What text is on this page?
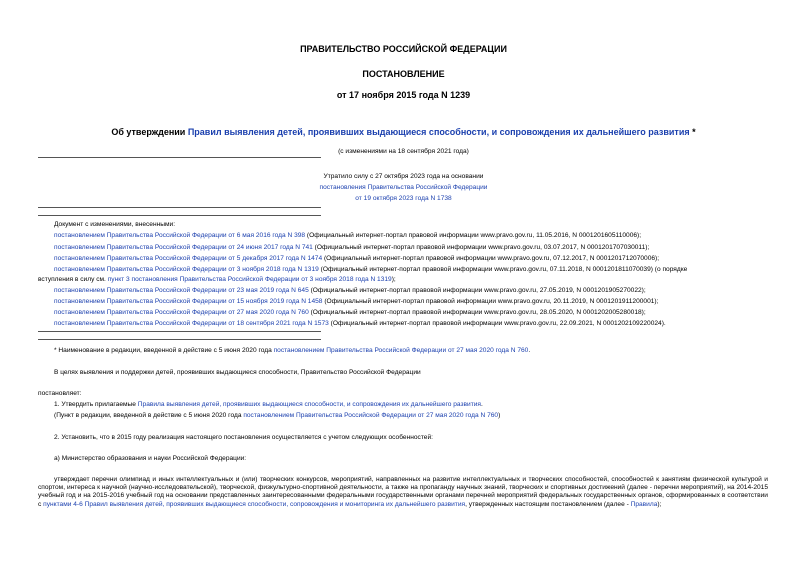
ПРАВИТЕЛЬСТВО РОССИЙСКОЙ ФЕДЕРАЦИИ
ПОСТАНОВЛЕНИЕ
от 17 ноября 2015 года N 1239
Об утверждении Правил выявления детей, проявивших выдающиеся способности, и сопровождения их дальнейшего развития *
(с изменениями на 18 сентября 2021 года)
Утратило силу с 27 октября 2023 года на основании
постановления Правительства Российской Федерации
от 19 октября 2023 года N 1738
Документ с изменениями, внесенными:
постановлением Правительства Российской Федерации от 6 мая 2016 года N 398 (Официальный интернет-портал правовой информации www.pravo.gov.ru, 11.05.2016, N 0001201605110006);
постановлением Правительства Российской Федерации от 24 июня 2017 года N 741 (Официальный интернет-портал правовой информации www.pravo.gov.ru, 03.07.2017, N 0001201707030011);
постановлением Правительства Российской Федерации от 5 декабря 2017 года N 1474 (Официальный интернет-портал правовой информации www.pravo.gov.ru, 07.12.2017, N 0001201712070006);
постановлением Правительства Российской Федерации от 3 ноября 2018 года N 1319 (Официальный интернет-портал правовой информации www.pravo.gov.ru, 07.11.2018, N 0001201811070039) (о порядке
вступления в силу см. пункт 3 постановления Правительства Российской Федерации от 3 ноября 2018 года N 1319);
постановлением Правительства Российской Федерации от 23 мая 2019 года N 645 (Официальный интернет-портал правовой информации www.pravo.gov.ru, 27.05.2019, N 0001201905270022);
постановлением Правительства Российской Федерации от 15 ноября 2019 года N 1458 (Официальный интернет-портал правовой информации www.pravo.gov.ru, 20.11.2019, N 0001201911200001);
постановлением Правительства Российской Федерации от 27 мая 2020 года N 760 (Официальный интернет-портал правовой информации www.pravo.gov.ru, 28.05.2020, N 0001202005280018);
постановлением Правительства Российской Федерации от 18 сентября 2021 года N 1573 (Официальный интернет-портал правовой информации www.pravo.gov.ru, 22.09.2021, N 0001202109220024).
* Наименование в редакции, введенной в действие с 5 июня 2020 года постановлением Правительства Российской Федерации от 27 мая 2020 года N 760.
В целях выявления и поддержки детей, проявивших выдающиеся способности, Правительство Российской Федерации
постановляет:
1. Утвердить прилагаемые Правила выявления детей, проявивших выдающиеся способности, и сопровождения их дальнейшего развития.
(Пункт в редакции, введенной в действие с 5 июня 2020 года постановлением Правительства Российской Федерации от 27 мая 2020 года N 760)
2. Установить, что в 2015 году реализация настоящего постановления осуществляется с учетом следующих особенностей:
а) Министерство образования и науки Российской Федерации:
утверждает перечни олимпиад и иных интеллектуальных и (или) творческих конкурсов, мероприятий, направленных на развитие интеллектуальных и творческих способностей, способностей к занятиям физической культурой и спортом, интереса к научной (научно-исследовательской), творческой, физкультурно-спортивной деятельности, а также на пропаганду научных знаний, творческих и спортивных достижений (далее - перечни мероприятий), на 2014-2015 учебный год и на 2015-2016 учебный год на основании представленных заинтересованными федеральными государственными органами перечней мероприятий федеральных государственных органов, сформированных в соответствии с пунктами 4-6 Правил выявления детей, проявивших выдающиеся способности, сопровождения и мониторинга их дальнейшего развития, утвержденных настоящим постановлением (далее - Правила);
